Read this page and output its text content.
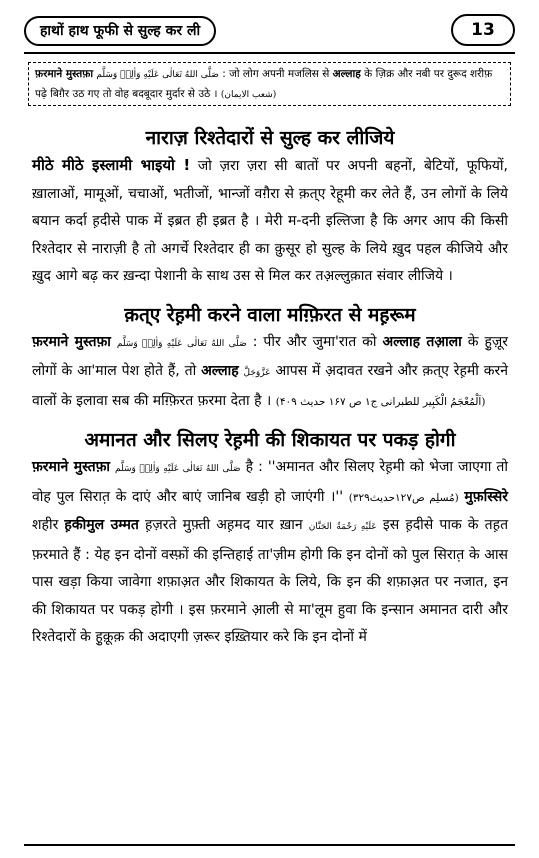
हाथों हाथ फूफी से सुल्ह कर ली	13
फ़रमाने मुस्तफ़ा صَلَّى اللهُ تَعَالٰى عَلَيْهِ وَاٰلِهٖ وَسَلَّم : जो लोग अपनी मजलिस से अल्लाह के ज़िक्र और नबी पर दुरूद शरीफ़ पढ़े बिगै़र उठ गए तो वोह बदबूदार मुर्दार से उठे । (شعب الایمان)
नाराज़ रिश्तेदारों से सुल्ह कर लीजिये

मीठे मीठे इस्लामी भाइयो ! जो ज़रा ज़रा सी बातों पर अपनी बहनों, बेटियों, फूफियों, ख़ालाओं, मामूओं, चचाओं, भतीजों, भान्जों वगै़रा से क़त्ए रेहूमी कर लेते हैं, उन लोगों के लिये बयान कर्दा ह़दीसे पाक में इब्रत ही इब्रत है । मेरी म-दनी इल्तिजा है कि अगर आप की किसी रिश्तेदार से नाराज़ी है तो अगर्चे रिश्तेदार ही का कु़सूर हो सुल्ह के लिये खु़द पहल कीजिये और खु़द आगे बढ़ कर ख़न्दा पेशानी के साथ उस से मिल कर तअ़ल्लुक़ात संवार लीजिये ।

क़त्ए रेह़मी करने वाला मग़्फ़िरत से मह़रूम

फ़रमाने मुस्तफ़ा صَلَّى اللهُ تَعَالٰى عَلَيْهِ وَاٰلِهٖ وَسَلَّم : पीर और जुमा'रात को अल्लाह तआ़ला के हु़जू़र लोगों के आ'माल पेश होते हैं, तो अल्लाह عَزَّوَجَلَّ आपस में अ़दावत रखने और क़त्ए रेह़मी करने वालों के इलावा सब की मग़्फ़िरत फ़रमा देता है । (اَلْمُعْجَمُ الْكَبِير للطبرانی ج۱ ص ۱۶۷ حدیث ۴۰۹)

अमानत और सिलए रेह़मी की शिकायत पर पकड़ होगी

फ़रमाने मुस्तफ़ा صَلَّى اللهُ تَعَالٰى عَلَيْهِ وَاٰلِهٖ وَسَلَّم है : ''अमानत और सिलए रेह़मी को भेजा जाएगा तो वोह पुल सिरात़ के दाएं और बाएं जानिब खड़ी हो जाएंगी ।'' (مُسلِم ص۱۲۷حدیث۳۲۹) मुफ़स्सिरे शहीर ह़कीमुल उम्मत ह़ज़रते मुफ़्ती अह़मद यार ख़ान عَلَيْهِ رَحْمَةُ الحَنَّان इस ह़दीसे पाक के तह़त फ़रमाते हैं : येह इन दोनों वस्फ़ों की इन्तिहाई ता'ज़ीम होगी कि इन दोनों को पुल सिरात़ के आस पास खड़ा किया जावेगा शफ़ाअ़त और शिकायत के लिये, कि इन की शफ़ाअ़त पर नजात, इन की शिकायत पर पकड़ होगी । इस फ़रमाने आ़ली से मा'लूम हुवा कि इन्सान अमानत दारी और रिश्तेदारों के हु़क़ूक़ की अदाएगी ज़रूर इख़्तियार करे कि इन दोनों में
